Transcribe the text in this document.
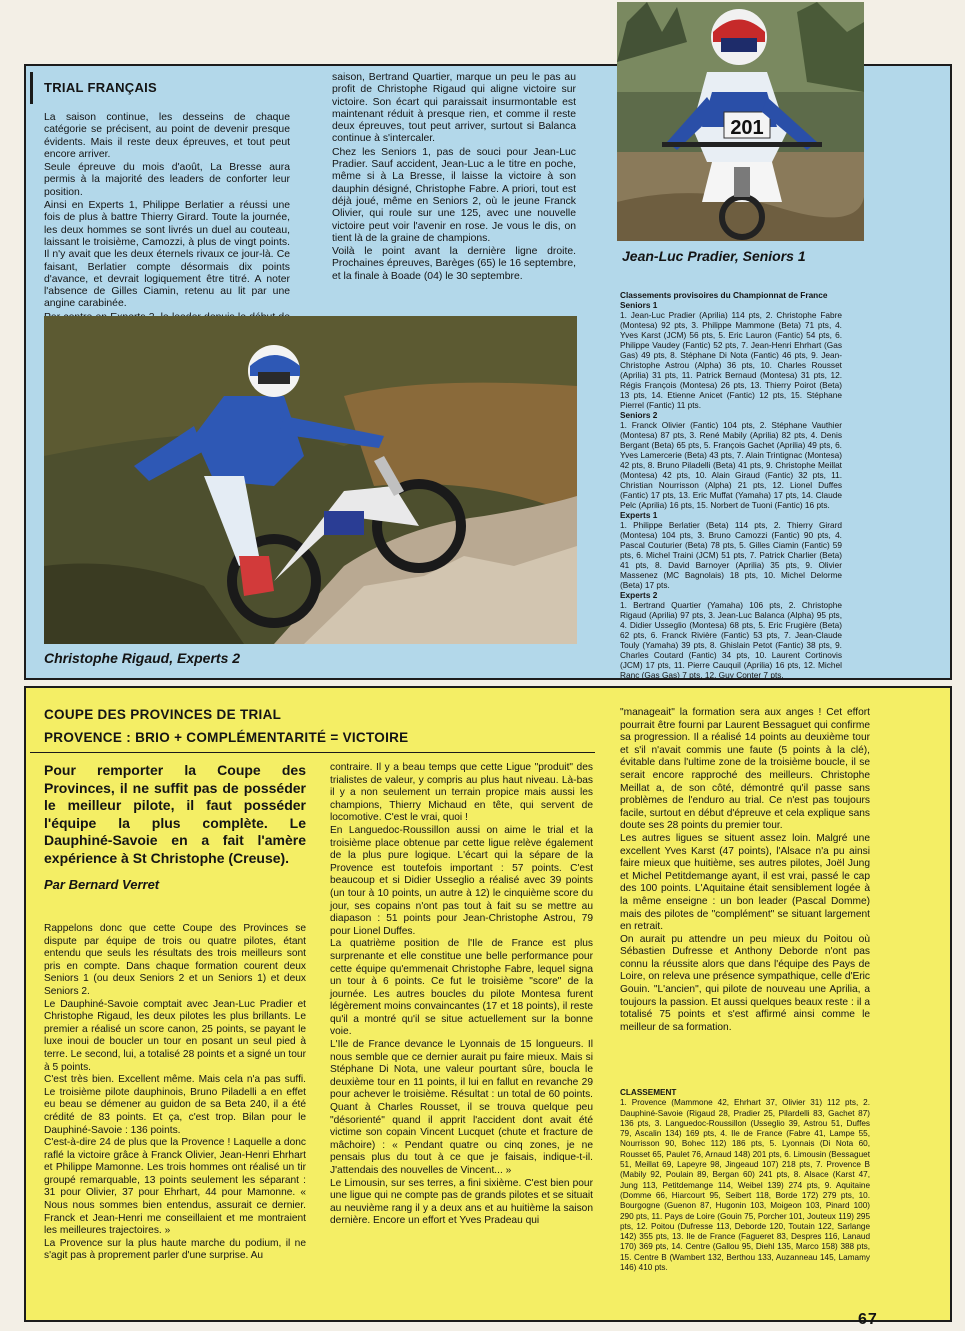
201
Jean-Luc Pradier, Seniors 1
TRIAL FRANÇAIS

La saison continue, les desseins de chaque catégorie se précisent, au point de devenir presque évidents. Mais il reste deux épreuves, et tout peut encore arriver.

Seule épreuve du mois d'août, La Bresse aura permis à la majorité des leaders de conforter leur position.

Ainsi en Experts 1, Philippe Berlatier a réussi une fois de plus à battre Thierry Girard. Toute la journée, les deux hommes se sont livrés un duel au couteau, laissant le troisième, Camozzi, à plus de vingt points. Il n'y avait que les deux éternels rivaux ce jour-là. Ce faisant, Berlatier compte désormais dix points d'avance, et devrait logiquement être titré. A noter l'absence de Gilles Ciamin, retenu au lit par une angine carabinée.

saison, Bertrand Quartier, marque un peu le pas au profit de Christophe Rigaud qui aligne victoire sur victoire. Son écart qui paraissait insurmontable est maintenant réduit à presque rien, et comme il reste deux épreuves, tout peut arriver, surtout si Balanca continue à s'intercaler.

Chez les Seniors 1, pas de souci pour Jean-Luc Pradier. Sauf accident, Jean-Luc a le titre en poche, même si à La Bresse, il laisse la victoire à son dauphin désigné, Christophe Fabre. A priori, tout est déjà joué, même en Seniors 2, où le jeune Franck Olivier, qui roule sur une 125, avec une nouvelle victoire peut voir l'avenir en rose. Je vous le dis, on tient là de la graine de champions.

Voilà le point avant la dernière ligne droite. Prochaines épreuves, Barèges (65) le 16 septembre, et la finale à Boade (04) le 30 septembre.

Christophe Rigaud, Experts 2

Classements provisoires du Championnat de France

Seniors 1

1. Jean-Luc Pradier (Aprilia) 114 pts, 2. Christophe Fabre (Montesa) 92 pts, 3. Philippe Mammone (Beta) 71 pts, 4. Yves Karst (JCM) 56 pts, 5. Eric Lauron (Fantic) 54 pts, 6. Philippe Vaudey (Fantic) 52 pts, 7. Jean-Henri Ehrhart (Gas Gas) 49 pts, 8. Stéphane Di Nota (Fantic) 46 pts, 9. Jean-Christophe Astrou (Alpha) 36 pts, 10. Charles Rousset (Aprilia) 31 pts, 11. Patrick Bernaud (Montesa) 31 pts, 12. Régis François (Montesa) 26 pts, 13. Thierry Poirot (Beta) 13 pts, 14. Etienne Anicet (Fantic) 12 pts, 15. Stéphane Pierrel (Fantic) 11 pts.

Seniors 2

1. Franck Olivier (Fantic) 104 pts, 2. Stéphane Vauthier (Montesa) 87 pts, 3. René Mabily (Aprilia) 82 pts, 4. Denis Bergant (Beta) 65 pts, 5. François Gachet (Aprilia) 49 pts, 6. Yves Lamercerie (Beta) 43 pts, 7. Alain Trintignac (Montesa) 42 pts, 8. Bruno Piladelli (Beta) 41 pts, 9. Christophe Meillat (Montesa) 42 pts, 10. Alain Giraud (Fantic) 32 pts, 11. Christian Nourrisson (Alpha) 21 pts, 12. Lionel Duffes (Fantic) 17 pts, 13. Eric Muffat (Yamaha) 17 pts, 14. Claude Pelc (Aprilia) 16 pts, 15. Norbert de Tuoni (Fantic) 16 pts.

Experts 1

1. Philippe Berlatier (Beta) 114 pts, 2. Thierry Girard (Montesa) 104 pts, 3. Bruno Camozzi (Fantic) 90 pts, 4. Pascal Couturier (Beta) 78 pts, 5. Gilles Ciamin (Fantic) 59 pts, 6. Michel Traini (JCM) 51 pts, 7. Patrick Charlier (Beta) 41 pts, 8. David Barnoyer (Aprilia) 35 pts, 9. Olivier Massenez (MC Bagnolais) 18 pts, 10. Michel Delorme (Beta) 17 pts.

Experts 2

1. Bertrand Quartier (Yamaha) 106 pts, 2. Christophe Rigaud (Aprilia) 97 pts, 3. Jean-Luc Balanca (Alpha) 95 pts, 4. Didier Usseglio (Montesa) 68 pts, 5. Eric Frugière (Beta) 62 pts, 6. Franck Rivière (Fantic) 53 pts, 7. Jean-Claude Touly (Yamaha) 39 pts, 8. Ghislain Petot (Fantic) 38 pts, 9. Charles Coutard (Fantic) 34 pts, 10. Laurent Cortinovis (JCM) 17 pts, 11. Pierre Cauquil (Aprilia) 16 pts, 12. Michel Ranc (Gas Gas) 7 pts, 12. Guy Conter 7 pts.

COUPE DES PROVINCES DE TRIAL
PROVENCE : BRIO + COMPLÉMENTARITÉ = VICTOIRE
Pour remporter la Coupe des Provinces, il ne suffit pas de posséder le meilleur pilote, il faut posséder l'équipe la plus complète. Le Dauphiné-Savoie en a fait l'amère expérience à St Christophe (Creuse).
Par Bernard Verret

Rappelons donc que cette Coupe des Provinces se dispute par équipe de trois ou quatre pilotes, étant entendu que seuls les résultats des trois meilleurs sont pris en compte. Dans chaque formation courent deux Seniors 1 (ou deux Seniors 2 et un Seniors 1) et deux Seniors 2.

Le Dauphiné-Savoie comptait avec Jean-Luc Pradier et Christophe Rigaud, les deux pilotes les plus brillants. Le premier a réalisé un score canon, 25 points, se payant le luxe inoui de boucler un tour en posant un seul pied à terre. Le second, lui, a totalisé 28 points et a signé un tour à 5 points.

C'est très bien. Excellent même. Mais cela n'a pas suffi. Le troisième pilote dauphinois, Bruno Piladelli a en effet eu beau se démener au guidon de sa Beta 240, il a été crédité de 83 points. Et ça, c'est trop. Bilan pour le Dauphiné-Savoie : 136 points.

C'est-à-dire 24 de plus que la Provence ! Laquelle a donc raflé la victoire grâce à Franck Olivier, Jean-Henri Ehrhart et Philippe Mamonne. Les trois hommes ont réalisé un tir groupé remarquable, 13 points seulement les séparant : 31 pour Olivier, 37 pour Ehrhart, 44 pour Mamonne. « Nous nous sommes bien entendus, assurait ce dernier. Franck et Jean-Henri me conseillaient et me montraient les meilleures trajectoires. »

La Provence sur la plus haute marche du podium, il ne s'agit pas à proprement parler d'une surprise. Au

contraire. Il y a beau temps que cette Ligue "produit" des trialistes de valeur, y compris au plus haut niveau. Là-bas il y a non seulement un terrain propice mais aussi les champions, Thierry Michaud en tête, qui servent de locomotive. C'est le vrai, quoi !

En Languedoc-Roussillon aussi on aime le trial et la troisième place obtenue par cette ligue relève également de la plus pure logique. L'écart qui la sépare de la Provence est toutefois important : 57 points. C'est beaucoup et si Didier Usseglio a réalisé avec 39 points (un tour à 10 points, un autre à 12) le cinquième score du jour, ses copains n'ont pas tout à fait su se mettre au diapason : 51 points pour Jean-Christophe Astrou, 79 pour Lionel Duffes.

La quatrième position de l'Ile de France est plus surprenante et elle constitue une belle performance pour cette équipe qu'emmenait Christophe Fabre, lequel signa un tour à 6 points. Ce fut le troisième "score" de la journée. Les autres boucles du pilote Montesa furent légèrement moins convaincantes (17 et 18 points), il reste qu'il a montré qu'il se situe actuellement sur la bonne voie.

L'Ile de France devance le Lyonnais de 15 longueurs. Il nous semble que ce dernier aurait pu faire mieux. Mais si Stéphane Di Nota, une valeur pourtant sûre, boucla le deuxième tour en 11 points, il lui en fallut en revanche 29 pour achever le troisième. Résultat : un total de 60 points. Quant à Charles Rousset, il se trouva quelque peu "désorienté" quand il apprit l'accident dont avait été victime son copain Vincent Lucquet (chute et fracture de mâchoire) : « Pendant quatre ou cinq zones, je ne pensais plus du tout à ce que je faisais, indique-t-il. J'attendais des nouvelles de Vincent... »

Le Limousin, sur ses terres, a fini sixième. C'est bien pour une ligue qui ne compte pas de grands pilotes et se situait au neuvième rang il y a deux ans et au huitième la saison dernière. Encore un effort et Yves Pradeau qui

"manageait" la formation sera aux anges ! Cet effort pourrait être fourni par Laurent Bessaguet qui confirme sa progression. Il a réalisé 14 points au deuxième tour et s'il n'avait commis une faute (5 points à la clé), évitable dans l'ultime zone de la troisième boucle, il se serait encore rapproché des meilleurs. Christophe Meillat a, de son côté, démontré qu'il passe sans problèmes de l'enduro au trial. Ce n'est pas toujours facile, surtout en début d'épreuve et cela explique sans doute ses 28 points du premier tour.

Les autres ligues se situent assez loin. Malgré une excellent Yves Karst (47 points), l'Alsace n'a pu ainsi faire mieux que huitième, ses autres pilotes, Joël Jung et Michel Petitdemange ayant, il est vrai, passé le cap des 100 points. L'Aquitaine était sensiblement logée à la même enseigne : un bon leader (Pascal Domme) mais des pilotes de "complément" se situant largement en retrait.

On aurait pu attendre un peu mieux du Poitou où Sébastien Dufresse et Anthony Deborde n'ont pas connu la réussite alors que dans l'équipe des Pays de Loire, on releva une présence sympathique, celle d'Eric Gouin. "L'ancien", qui pilote de nouveau une Aprilia, a toujours la passion. Et aussi quelques beaux reste : il a totalisé 75 points et s'est affirmé ainsi comme le meilleur de sa formation.

CLASSEMENT

1. Provence (Mammone 42, Ehrhart 37, Olivier 31) 112 pts, 2. Dauphiné-Savoie (Rigaud 28, Pradier 25, Pilardelli 83, Gachet 87) 136 pts, 3. Languedoc-Roussillon (Usseglio 39, Astrou 51, Duffes 79, Ascalin 134) 169 pts, 4. Ile de France (Fabre 41, Lampe 55, Nourrisson 90, Bohec 112) 186 pts, 5. Lyonnais (Di Nota 60, Rousset 65, Paulet 76, Arnaud 148) 201 pts, 6. Limousin (Bessaguet 51, Meillat 69, Lapeyre 98, Jingeaud 107) 218 pts, 7. Provence B (Mabily 92, Poulain 89, Bergan 60) 241 pts, 8. Alsace (Karst 47, Jung 113, Petitdemange 114, Weibel 139) 274 pts, 9. Aquitaine (Domme 66, Hiarcourt 95, Seibert 118, Borde 172) 279 pts, 10. Bourgogne (Guenon 87, Hugonin 103, Moigeon 103, Pinard 100) 290 pts, 11. Pays de Loire (Gouin 75, Porcher 101, Jouteux 119) 295 pts, 12. Poitou (Dufresse 113, Deborde 120, Toutain 122, Sarlange 142) 355 pts, 13. Ile de France (Fagueret 83, Despres 116, Lanaud 170) 369 pts, 14. Centre (Gallou 95, Diehl 135, Marco 158) 388 pts, 15. Centre B (Wambert 132, Berthou 133, Auzanneau 145, Lamamy 146) 410 pts.

67
